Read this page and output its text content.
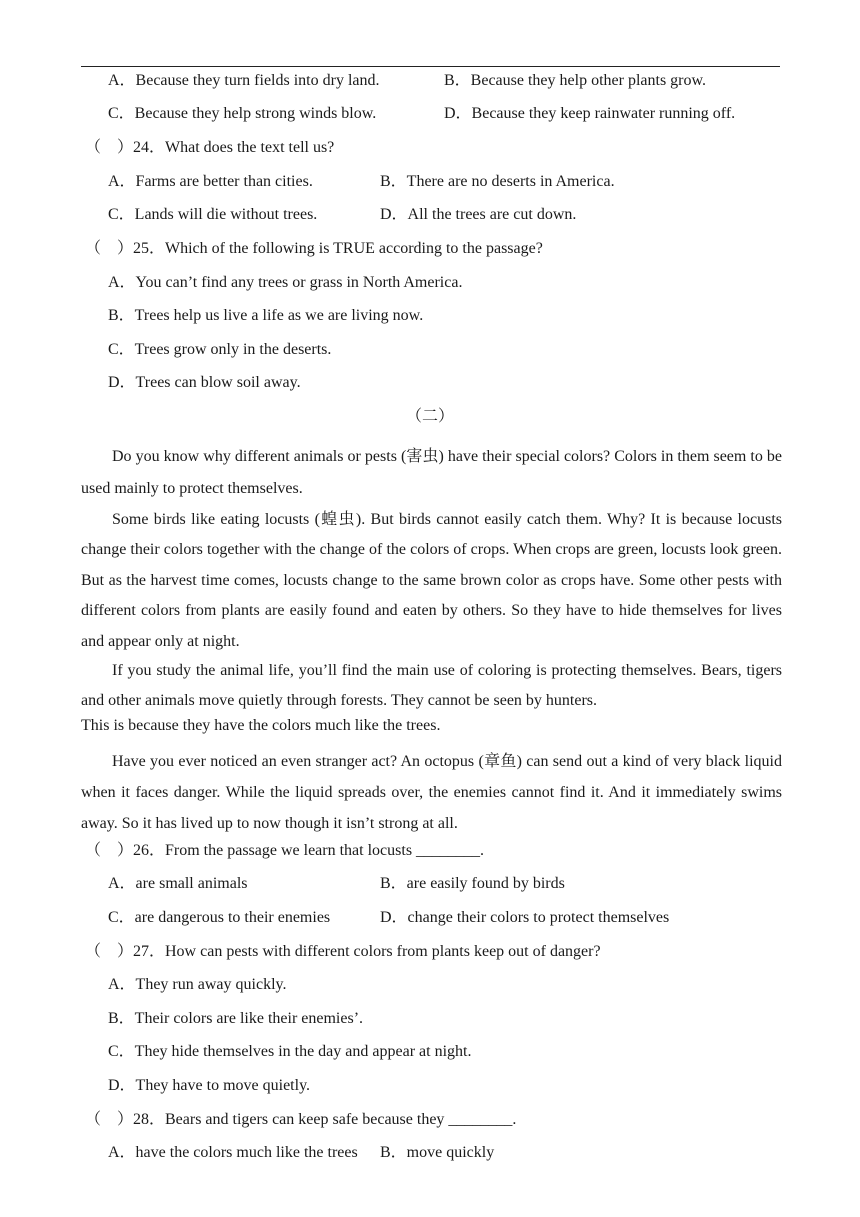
A．Because they turn fields into dry land.	B．Because they help other plants grow.
C．Because they help strong winds blow.	D．Because they keep rainwater running off.
（    ）24．What does the text tell us?
A．Farms are better than cities.	B．There are no deserts in America.
C．Lands will die without trees.	D．All the trees are cut down.
（    ）25．Which of the following is TRUE according to the passage?
A．You can’t find any trees or grass in North America.
B．Trees help us live a life as we are living now.
C．Trees grow only in the deserts.
D．Trees can blow soil away.
（二）
Do you know why different animals or pests (害虫) have their special colors? Colors in them seem to be used mainly to protect themselves.
Some birds like eating locusts (蝗虫). But birds cannot easily catch them. Why? It is because locusts change their colors together with the change of the colors of crops. When crops are green, locusts look green. But as the harvest time comes, locusts change to the same brown color as crops have. Some other pests with different colors from plants are easily found and eaten by others. So they have to hide themselves for lives and appear only at night.
If you study the animal life, you’ll find the main use of coloring is protecting themselves. Bears, tigers and other animals move quietly through forests. They cannot be seen by hunters.
This is because they have the colors much like the trees.
Have you ever noticed an even stranger act? An octopus (章鱼) can send out a kind of very black liquid when it faces danger. While the liquid spreads over, the enemies cannot find it. And it immediately swims away. So it has lived up to now though it isn’t strong at all.
（    ）26．From the passage we learn that locusts ________.
A．are small animals	B．are easily found by birds
C．are dangerous to their enemies	D．change their colors to protect themselves
（    ）27．How can pests with different colors from plants keep out of danger?
A．They run away quickly.
B．Their colors are like their enemies’.
C．They hide themselves in the day and appear at night.
D．They have to move quietly.
（    ）28．Bears and tigers can keep safe because they ________.
A．have the colors much like the trees B．move quickly
